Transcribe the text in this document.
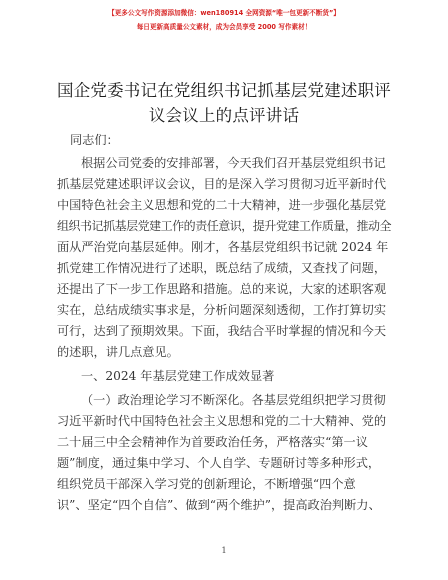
【更多公文写作资源添加微信：wen180914 全网资源“唯一包更新不断货”】
每日更新高质量公文素材，成为会员享受 2000 写作素材！
国企党委书记在党组织书记抓基层党建述职评
议会议上的点评讲话
同志们：
根据公司党委的安排部署，今天我们召开基层党组织书记
抓基层党建述职评议会议，目的是深入学习贯彻习近平新时代
中国特色社会主义思想和党的二十大精神，进一步强化基层党
组织书记抓基层党建工作的责任意识，提升党建工作质量，推动全
面从严治党向基层延伸。刚才，各基层党组织书记就 2024 年
抓党建工作情况进行了述职，既总结了成绩，又查找了问题，
还提出了下一步工作思路和措施。总的来说，大家的述职客观
实在，总结成绩实事求是，分析问题深刻透彻，工作打算切实
可行，达到了预期效果。下面，我结合平时掌握的情况和今天
的述职，讲几点意见。
一、2024 年基层党建工作成效显著
（一）政治理论学习不断深化。各基层党组织把学习贯彻
习近平新时代中国特色社会主义思想和党的二十大精神、党的
二十届三中全会精神作为首要政治任务，严格落实“第一议
题”制度，通过集中学习、个人自学、专题研讨等多种形式，
组织党员干部深入学习党的创新理论，不断增强“四个意
识”、坚定“四个自信”、做到“两个维护”，提高政治判断力、
1
